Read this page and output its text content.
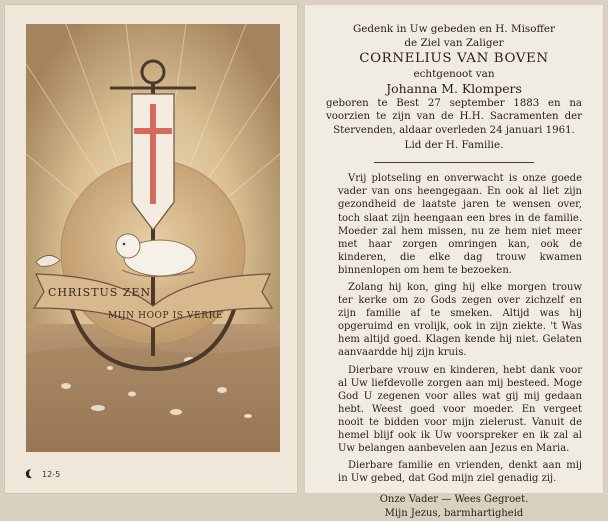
CHRISTUS ZEN
MIJN HOOP IS VERRE
12-5
Gedenk in Uw gebeden en H. Misoffer
de Ziel van Zaliger
CORNELIUS VAN BOVEN
echtgenoot van
Johanna M. Klompers
geboren te Best 27 september 1883 en na voorzien te zijn van de H.H. Sacramenten der Stervenden, aldaar overleden 24 januari 1961.
Lid der H. Familie.

Vrij plotseling en onverwacht is onze goede vader van ons heengegaan. En ook al liet zijn gezondheid de laatste jaren te wensen over, toch slaat zijn heengaan een bres in de familie. Moeder zal hem missen, nu ze hem niet meer met haar zorgen omringen kan, ook de kinderen, die elke dag trouw kwamen binnenlopen om hem te bezoeken.

Zolang hij kon, ging hij elke morgen trouw ter kerke om zo Gods zegen over zichzelf en zijn familie af te smeken. Altijd was hij opgeruimd en vrolijk, ook in zijn ziekte. 't Was hem altijd goed. Klagen kende hij niet. Gelaten aanvaardde hij zijn kruis.

Dierbare vrouw en kinderen, hebt dank voor al Uw liefdevolle zorgen aan mij besteed. Moge God U zegenen voor alles wat gij mij gedaan hebt. Weest goed voor moeder. En vergeet nooit te bidden voor mijn zielerust. Vanuit de hemel blijf ook ik Uw voorspreker en ik zal al Uw belangen aanbevelen aan Jezus en Maria.

Dierbare familie en vrienden, denkt aan mij in Uw gebed, dat God mijn ziel genadig zij.

Onze Vader — Wees Gegroet.
Mijn Jezus, barmhartigheid
